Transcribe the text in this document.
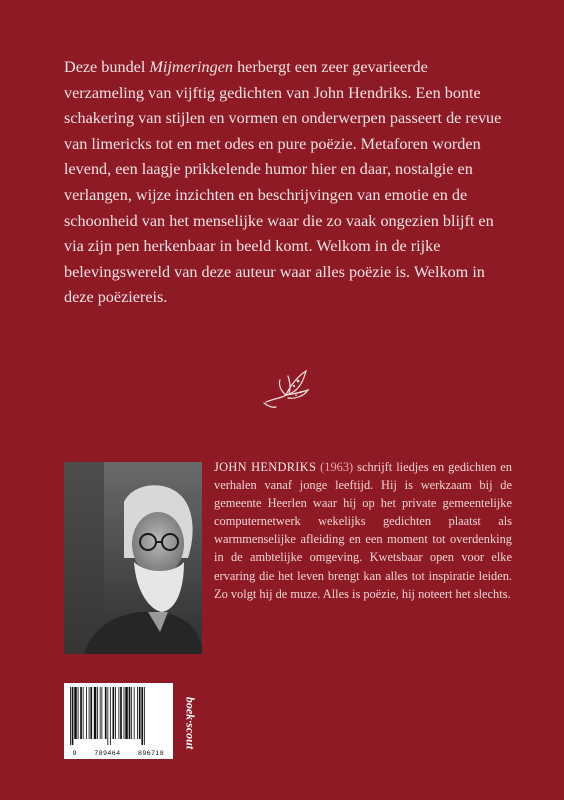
Deze bundel Mijmeringen herbergt een zeer gevarieerde verzameling van vijftig gedichten van John Hendriks. Een bonte schakering van stijlen en vormen en onderwerpen passeert de revue van limericks tot en met odes en pure poëzie. Metaforen worden levend, een laagje prikkelende humor hier en daar, nostalgie en verlangen, wijze inzichten en beschrijvingen van emotie en de schoonheid van het menselijke waar die zo vaak ongezien blijft en via zijn pen herkenbaar in beeld komt. Welkom in de rijke belevingswereld van deze auteur waar alles poëzie is. Welkom in deze poëziereis.

JOHN HENDRIKS (1963) schrijft liedjes en gedichten en verhalen vanaf jonge leeftijd. Hij is werkzaam bij de gemeente Heerlen waar hij op het private gemeentelijke computernetwerk wekelijks gedichten plaatst als warmmenselijke afleiding en een moment tot overdenking in de ambtelijke omgeving. Kwetsbaar open voor elke ervaring die het leven brengt kan alles tot inspiratie leiden. Zo volgt hij de muze. Alles is poëzie, hij noteert het slechts.

9	789464	896718
boek·scout
